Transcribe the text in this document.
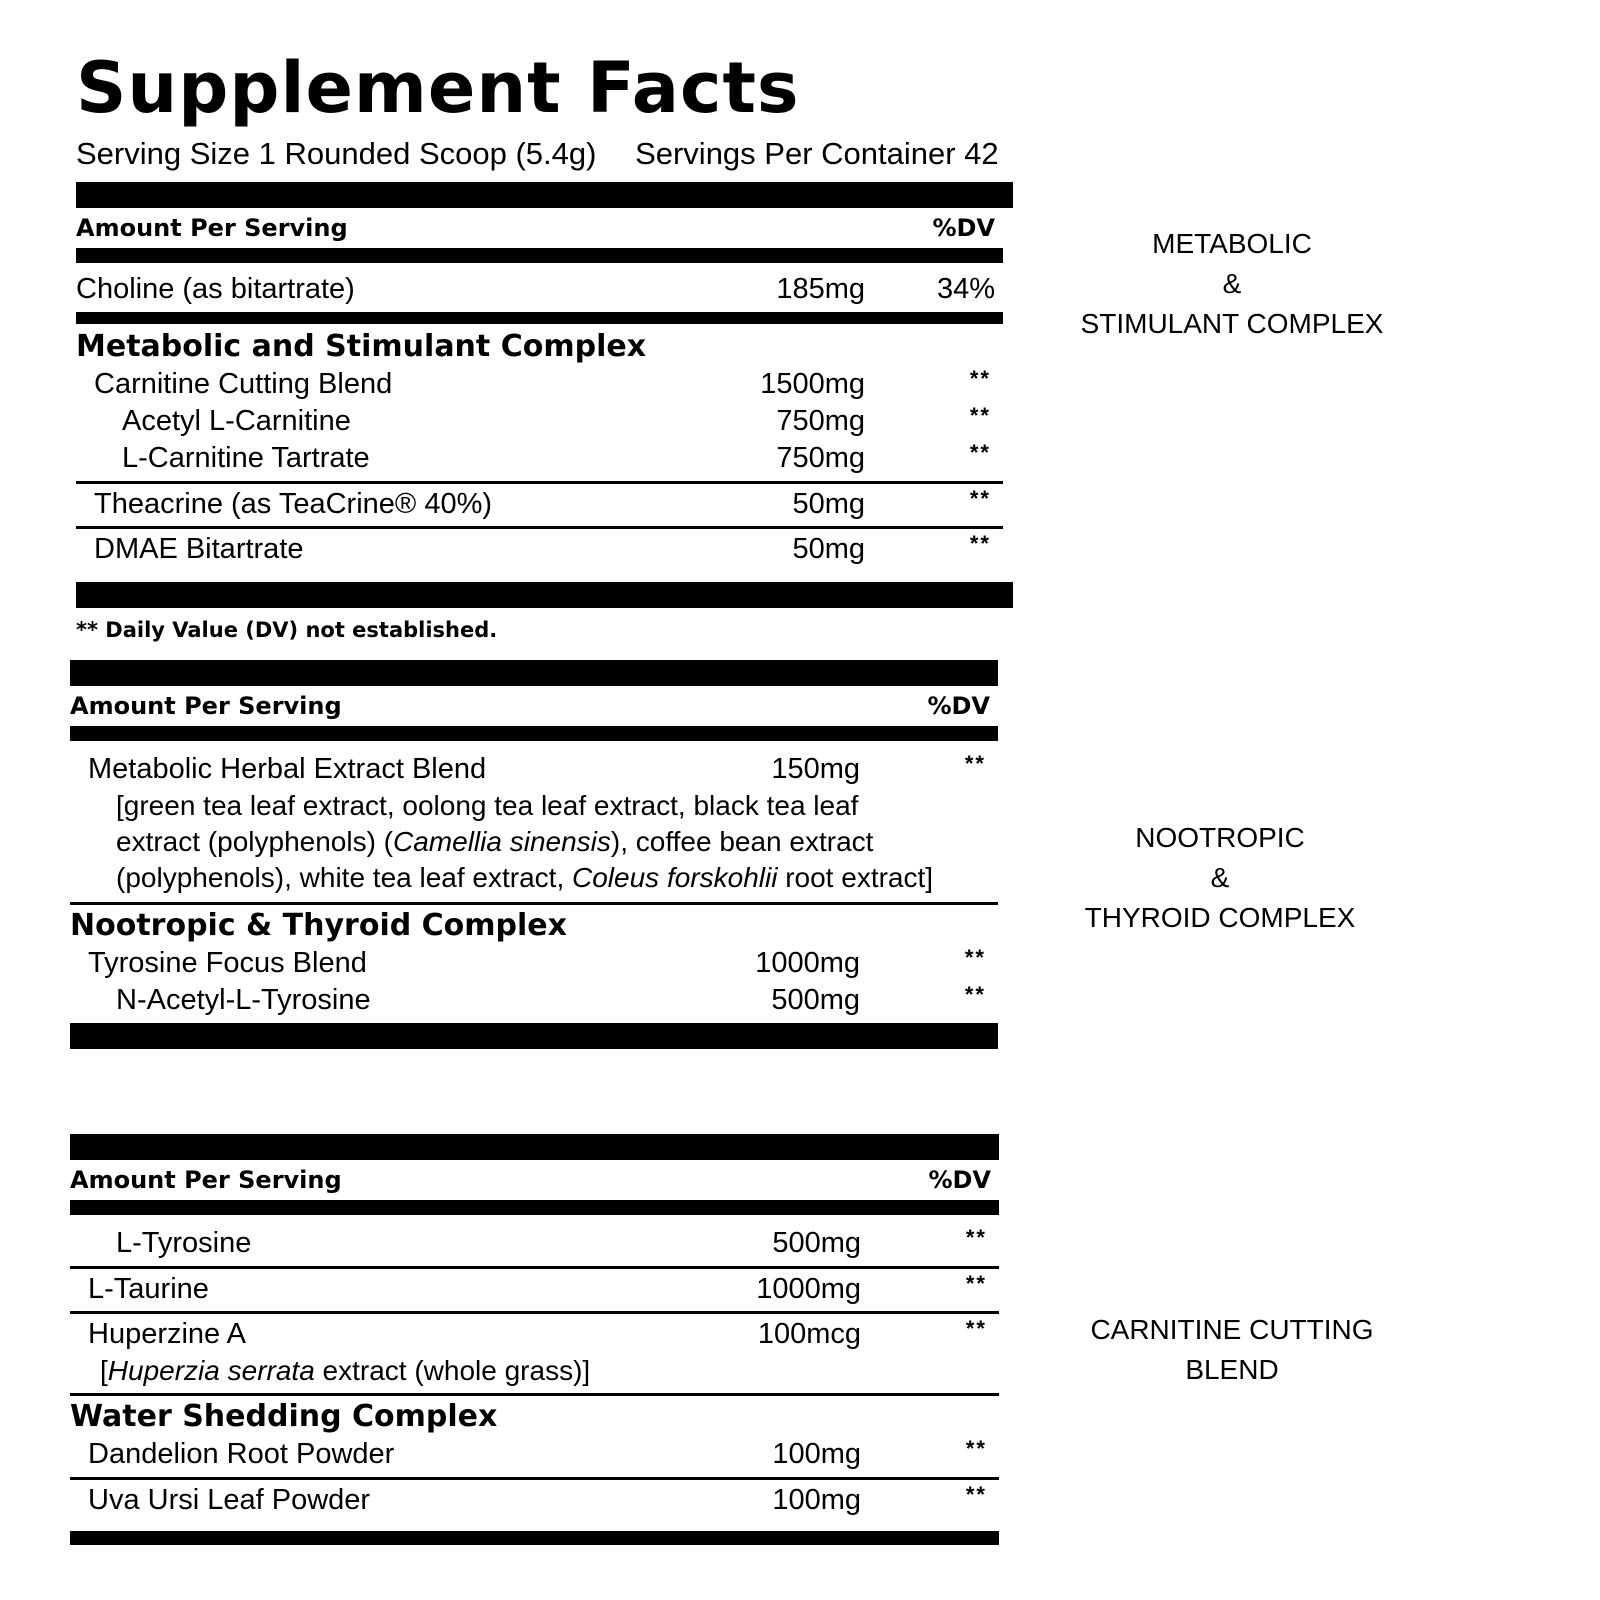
Supplement Facts
Serving Size 1 Rounded Scoop (5.4g) Servings Per Container 42
Amount Per Serving	%DV
Choline (as bitartrate)	185mg 34%
Metabolic and Stimulant Complex
Carnitine Cutting Blend	1500mg	**
Acetyl L-Carnitine	750mg	**
L-Carnitine Tartrate	750mg	**
Theacrine (as TeaCrine® 40%)	50mg	**
DMAE Bitartrate	50mg	**
** Daily Value (DV) not established.
Amount Per Serving	%DV
Metabolic Herbal Extract Blend	150mg	**
[green tea leaf extract, oolong tea leaf extract, black tea leaf extract (polyphenols) (Camellia sinensis), coffee bean extract (polyphenols), white tea leaf extract, Coleus forskohlii root extract]
Nootropic & Thyroid Complex
Tyrosine Focus Blend	1000mg	**
N-Acetyl-L-Tyrosine	500mg	**
Amount Per Serving	%DV
L-Tyrosine	500mg	**
L-Taurine	1000mg	**
Huperzine A	100mcg	**
[Huperzia serrata extract (whole grass)]
Water Shedding Complex
Dandelion Root Powder	100mg	**
Uva Ursi Leaf Powder	100mg	**
METABOLIC
&
STIMULANT COMPLEX
NOOTROPIC
&
THYROID COMPLEX
CARNITINE CUTTING
BLEND
